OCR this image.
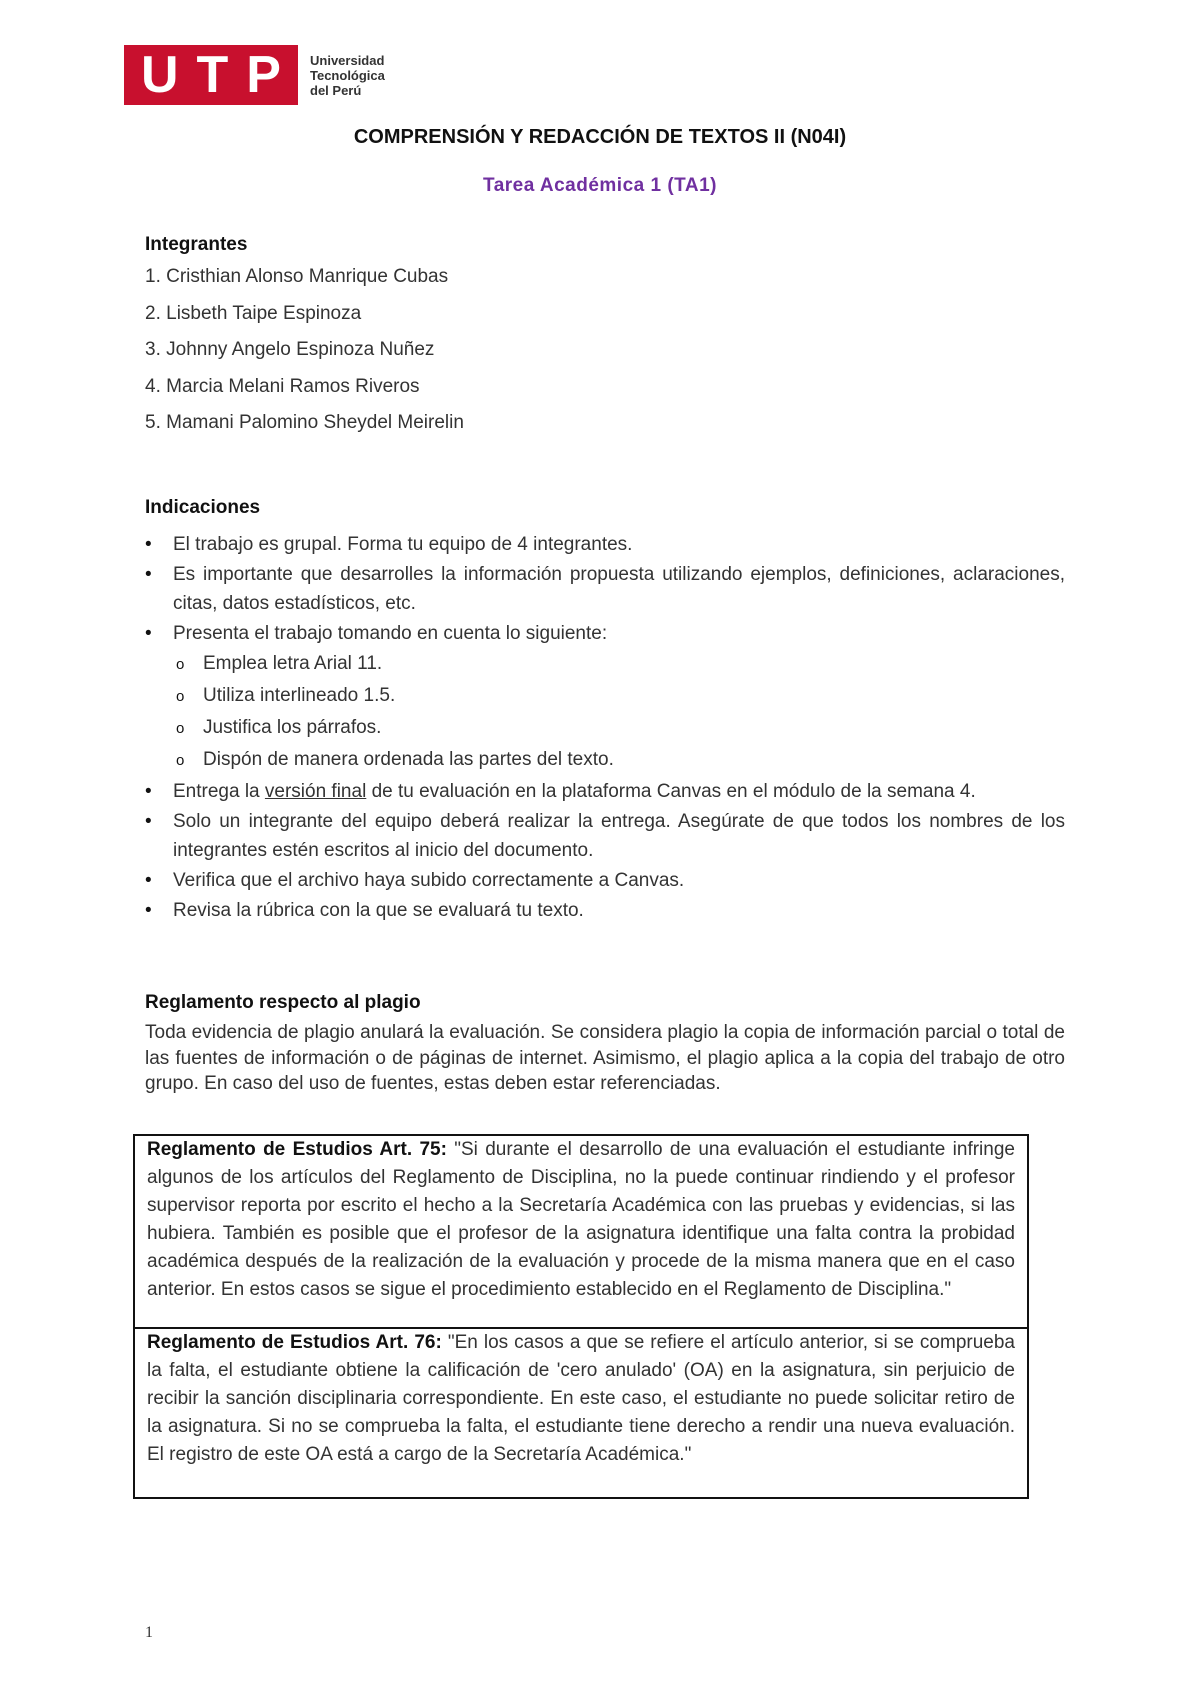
U T P Universidad
Tecnológica
del Perú
COMPRENSIÓN Y REDACCIÓN DE TEXTOS II (N04I)
Tarea Académica 1 (TA1)
Integrantes
1. Cristhian Alonso Manrique Cubas
2. Lisbeth Taipe Espinoza
3. Johnny Angelo Espinoza Nuñez
4. Marcia Melani Ramos Riveros
5. Mamani Palomino Sheydel Meirelin
Indicaciones
• El trabajo es grupal. Forma tu equipo de 4 integrantes.
• Es importante que desarrolles la información propuesta utilizando ejemplos, definiciones, aclaraciones, citas, datos estadísticos, etc.
• Presenta el trabajo tomando en cuenta lo siguiente:
o Emplea letra Arial 11.
o Utiliza interlineado 1.5.
o Justifica los párrafos.
o Dispón de manera ordenada las partes del texto.
• Entrega la versión final de tu evaluación en la plataforma Canvas en el módulo de la semana 4.
• Solo un integrante del equipo deberá realizar la entrega. Asegúrate de que todos los nombres de los integrantes estén escritos al inicio del documento.
• Verifica que el archivo haya subido correctamente a Canvas.
• Revisa la rúbrica con la que se evaluará tu texto.
Reglamento respecto al plagio

Toda evidencia de plagio anulará la evaluación. Se considera plagio la copia de información parcial o total de las fuentes de información o de páginas de internet. Asimismo, el plagio aplica a la copia del trabajo de otro grupo. En caso del uso de fuentes, estas deben estar referenciadas.

Reglamento de Estudios Art. 75: "Si durante el desarrollo de una evaluación el estudiante infringe algunos de los artículos del Reglamento de Disciplina, no la puede continuar rindiendo y el profesor supervisor reporta por escrito el hecho a la Secretaría Académica con las pruebas y evidencias, si las hubiera. También es posible que el profesor de la asignatura identifique una falta contra la probidad académica después de la realización de la evaluación y procede de la misma manera que en el caso anterior. En estos casos se sigue el procedimiento establecido en el Reglamento de Disciplina."
Reglamento de Estudios Art. 76: "En los casos a que se refiere el artículo anterior, si se comprueba la falta, el estudiante obtiene la calificación de 'cero anulado' (OA) en la asignatura, sin perjuicio de recibir la sanción disciplinaria correspondiente. En este caso, el estudiante no puede solicitar retiro de la asignatura. Si no se comprueba la falta, el estudiante tiene derecho a rendir una nueva evaluación. El registro de este OA está a cargo de la Secretaría Académica."
1
